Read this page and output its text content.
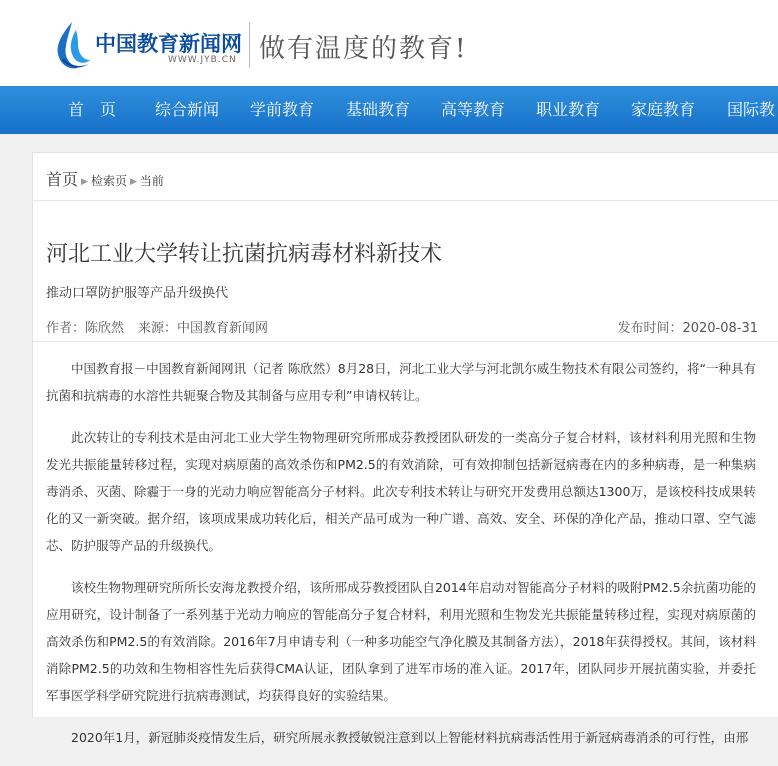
中国教育新闻网
WWW.JYB.CN 做有温度的教育!
首　页 综合新闻 学前教育 基础教育 高等教育 职业教育 家庭教育 国际教
首页 ▶ 检索页 ▶ 当前
河北工业大学转让抗菌抗病毒材料新技术
推动口罩防护服等产品升级换代
作者：陈欣然 来源：中国教育新闻网	发布时间：2020-08-31

中国教育报－中国教育新闻网讯（记者 陈欣然）8月28日，河北工业大学与河北凯尔威生物技术有限公司签约，将“一种具有抗菌和抗病毒的水溶性共轭聚合物及其制备与应用专利”申请权转让。

此次转让的专利技术是由河北工业大学生物物理研究所邢成芬教授团队研发的一类高分子复合材料，该材料利用光照和生物发光共振能量转移过程，实现对病原菌的高效杀伤和PM2.5的有效消除，可有效抑制包括新冠病毒在内的多种病毒，是一种集病毒消杀、灭菌、除霾于一身的光动力响应智能高分子材料。此次专利技术转让与研究开发费用总额达1300万，是该校科技成果转化的又一新突破。据介绍，该项成果成功转化后，相关产品可成为一种广谱、高效、安全、环保的净化产品，推动口罩、空气滤芯、防护服等产品的升级换代。

该校生物物理研究所所长安海龙教授介绍，该所邢成芬教授团队自2014年启动对智能高分子材料的吸附PM2.5余抗菌功能的应用研究，设计制备了一系列基于光动力响应的智能高分子复合材料，利用光照和生物发光共振能量转移过程，实现对病原菌的高效杀伤和PM2.5的有效消除。2016年7月申请专利（一种多功能空气净化膜及其制备方法），2018年获得授权。其间，该材料消除PM2.5的功效和生物相容性先后获得CMA认证，团队拿到了进军市场的准入证。2017年，团队同步开展抗菌实验，并委托军事医学科学研究院进行抗病毒测试，均获得良好的实验结果。

2020年1月，新冠肺炎疫情发生后，研究所展永教授敏锐注意到以上智能材料抗病毒活性用于新冠病毒消杀的可行性，由邢
